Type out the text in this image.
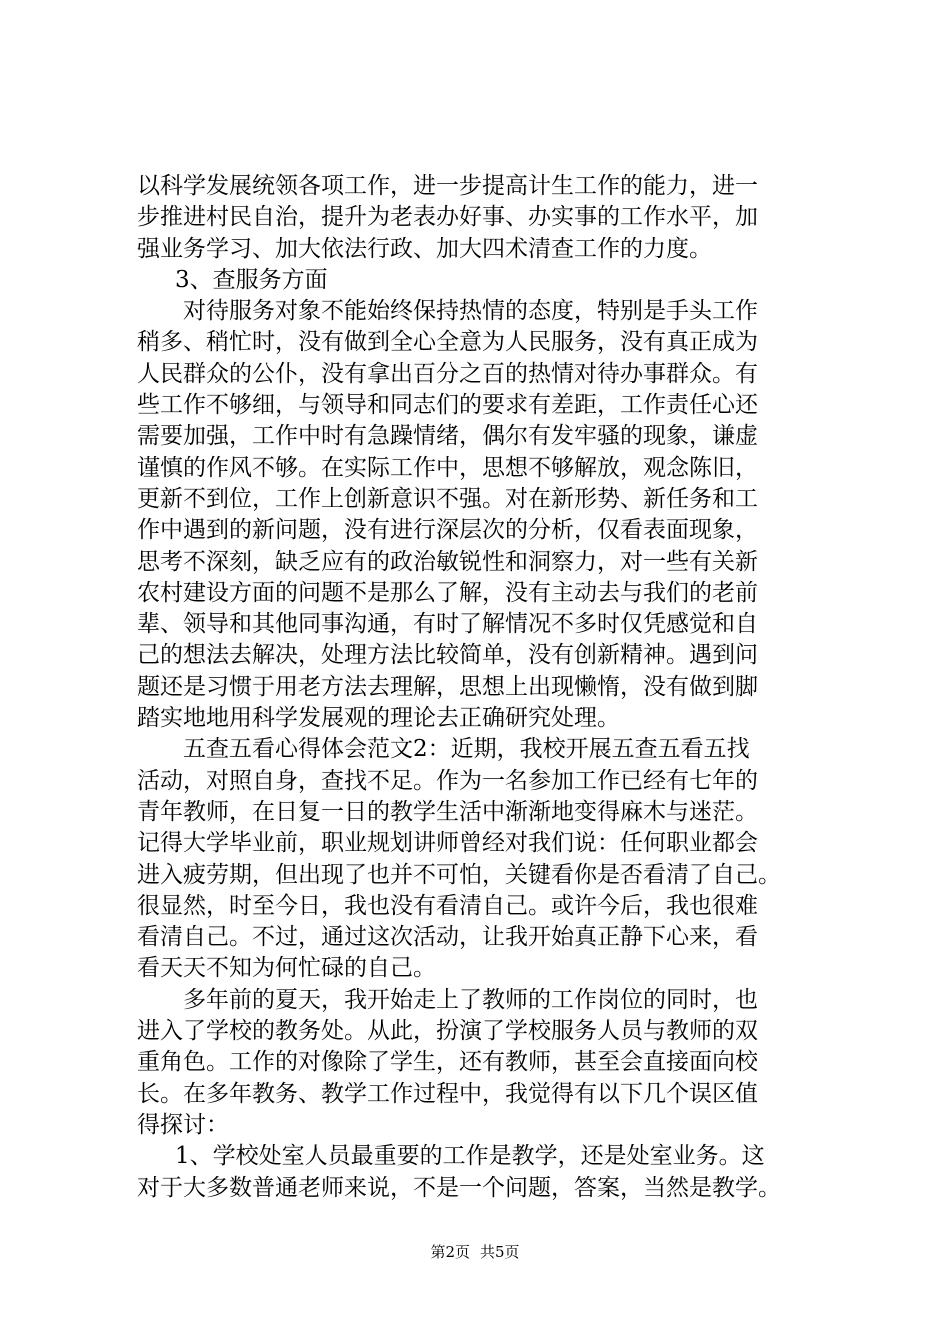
以科学发展统领各项工作，进一步提高计生工作的能力，进一
步推进村民自治，提升为老表办好事、办实事的工作水平，加
强业务学习、加大依法行政、加大四术清查工作的力度。
3、查服务方面
对待服务对象不能始终保持热情的态度，特别是手头工作
稍多、稍忙时，没有做到全心全意为人民服务，没有真正成为
人民群众的公仆，没有拿出百分之百的热情对待办事群众。有
些工作不够细，与领导和同志们的要求有差距，工作责任心还
需要加强，工作中时有急躁情绪，偶尔有发牢骚的现象，谦虚
谨慎的作风不够。在实际工作中，思想不够解放，观念陈旧，
更新不到位，工作上创新意识不强。对在新形势、新任务和工
作中遇到的新问题，没有进行深层次的分析，仅看表面现象，
思考不深刻，缺乏应有的政治敏锐性和洞察力，对一些有关新
农村建设方面的问题不是那么了解，没有主动去与我们的老前
辈、领导和其他同事沟通，有时了解情况不多时仅凭感觉和自
己的想法去解决，处理方法比较简单，没有创新精神。遇到问
题还是习惯于用老方法去理解，思想上出现懒惰，没有做到脚
踏实地地用科学发展观的理论去正确研究处理。
五查五看心得体会范文2：近期，我校开展五查五看五找
活动，对照自身，查找不足。作为一名参加工作已经有七年的
青年教师，在日复一日的教学生活中渐渐地变得麻木与迷茫。
记得大学毕业前，职业规划讲师曾经对我们说：任何职业都会
进入疲劳期，但出现了也并不可怕，关键看你是否看清了自己。
很显然，时至今日，我也没有看清自己。或许今后，我也很难
看清自己。不过，通过这次活动，让我开始真正静下心来，看
看天天不知为何忙碌的自己。
多年前的夏天，我开始走上了教师的工作岗位的同时，也
进入了学校的教务处。从此，扮演了学校服务人员与教师的双
重角色。工作的对像除了学生，还有教师，甚至会直接面向校
长。在多年教务、教学工作过程中，我觉得有以下几个误区值
得探讨：
1、学校处室人员最重要的工作是教学，还是处室业务。这
对于大多数普通老师来说，不是一个问题，答案，当然是教学。
第2页 共5页
